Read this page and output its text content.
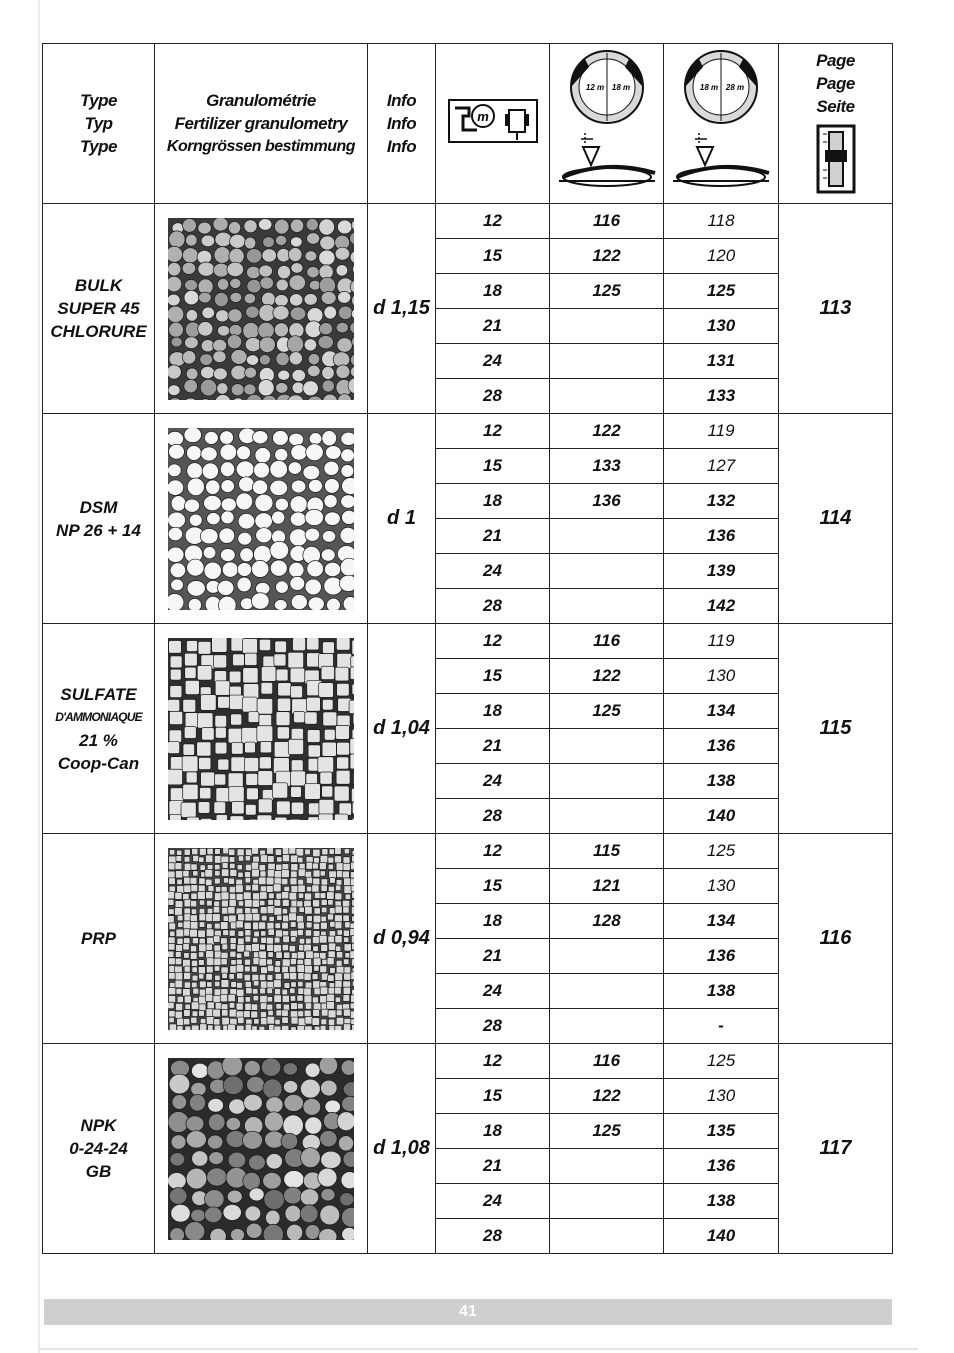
Type
Typ
Type	Granulométrie
Fertilizer granulometry
Korngrössen bestimmung	Info
Info
Info	m	12 m 18 m	18 m 28 m	Page
Page
Seite

BULK
SUPER 45
CHLORURE		d 1,15	12	116	118	113
			15	122	120	
			18	125	125	
			21		130	
			24		131	
			28		133	

DSM
NP 26 + 14		d 1	12	122	119	114
			15	133	127	
			18	136	132	
			21		136	
			24		139	
			28		142	

SULFATE
D'AMMONIAQUE
21 %
Coop-Can		d 1,04	12	116	119	115
			15	122	130	
			18	125	134	
			21		136	
			24		138	
			28		140	

PRP		d 0,94	12	115	125	116
			15	121	130	
			18	128	134	
			21		136	
			24		138	
			28		-	

NPK
0-24-24
GB		d 1,08	12	116	125	117
			15	122	130	
			18	125	135	
			21		136	
			24		138	
			28		140	
41
